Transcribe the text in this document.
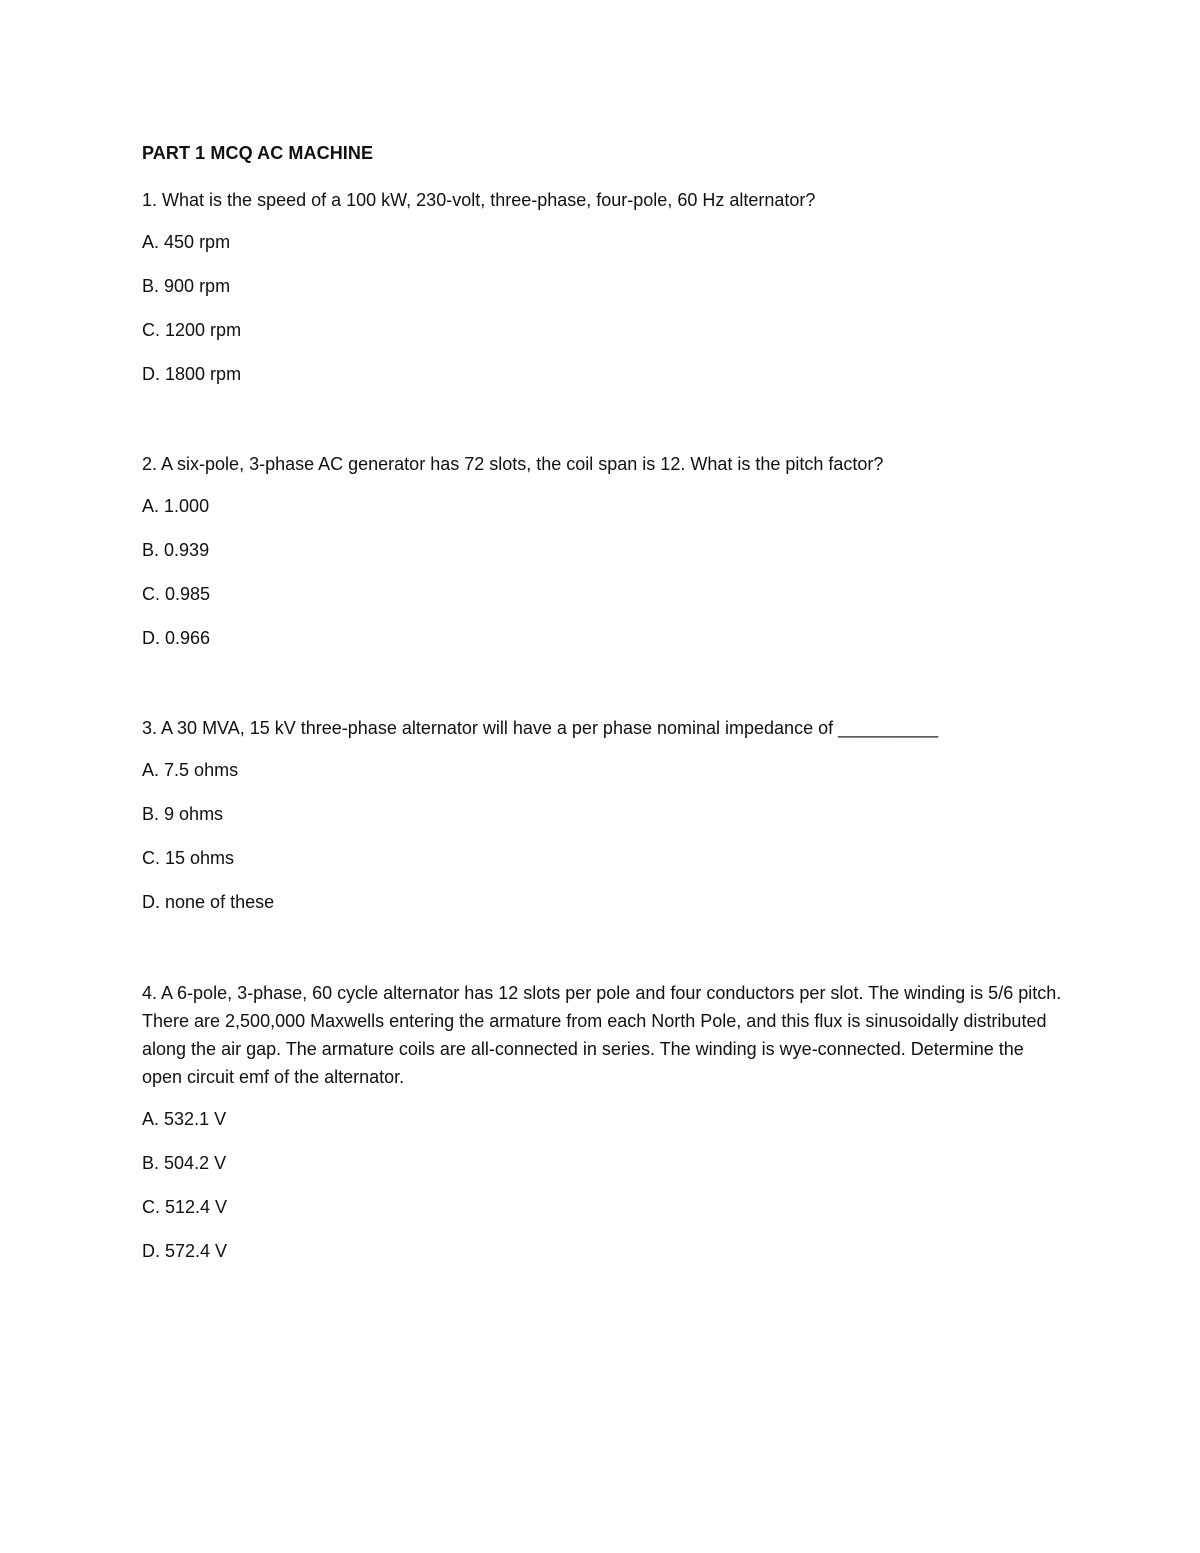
PART 1 MCQ AC MACHINE

1. What is the speed of a 100 kW, 230-volt, three-phase, four-pole, 60 Hz alternator?

A. 450 rpm
B. 900 rpm
C. 1200 rpm
D. 1800 rpm

2. A six-pole, 3-phase AC generator has 72 slots, the coil span is 12. What is the pitch factor?

A. 1.000
B. 0.939
C. 0.985
D. 0.966

3. A 30 MVA, 15 kV three-phase alternator will have a per phase nominal impedance of __________

A. 7.5 ohms
B. 9 ohms
C. 15 ohms
D. none of these

4. A 6-pole, 3-phase, 60 cycle alternator has 12 slots per pole and four conductors per slot. The winding is 5/6 pitch. There are 2,500,000 Maxwells entering the armature from each North Pole, and this flux is sinusoidally distributed along the air gap. The armature coils are all-connected in series. The winding is wye-connected. Determine the open circuit emf of the alternator.

A. 532.1 V
B. 504.2 V
C. 512.4 V
D. 572.4 V
